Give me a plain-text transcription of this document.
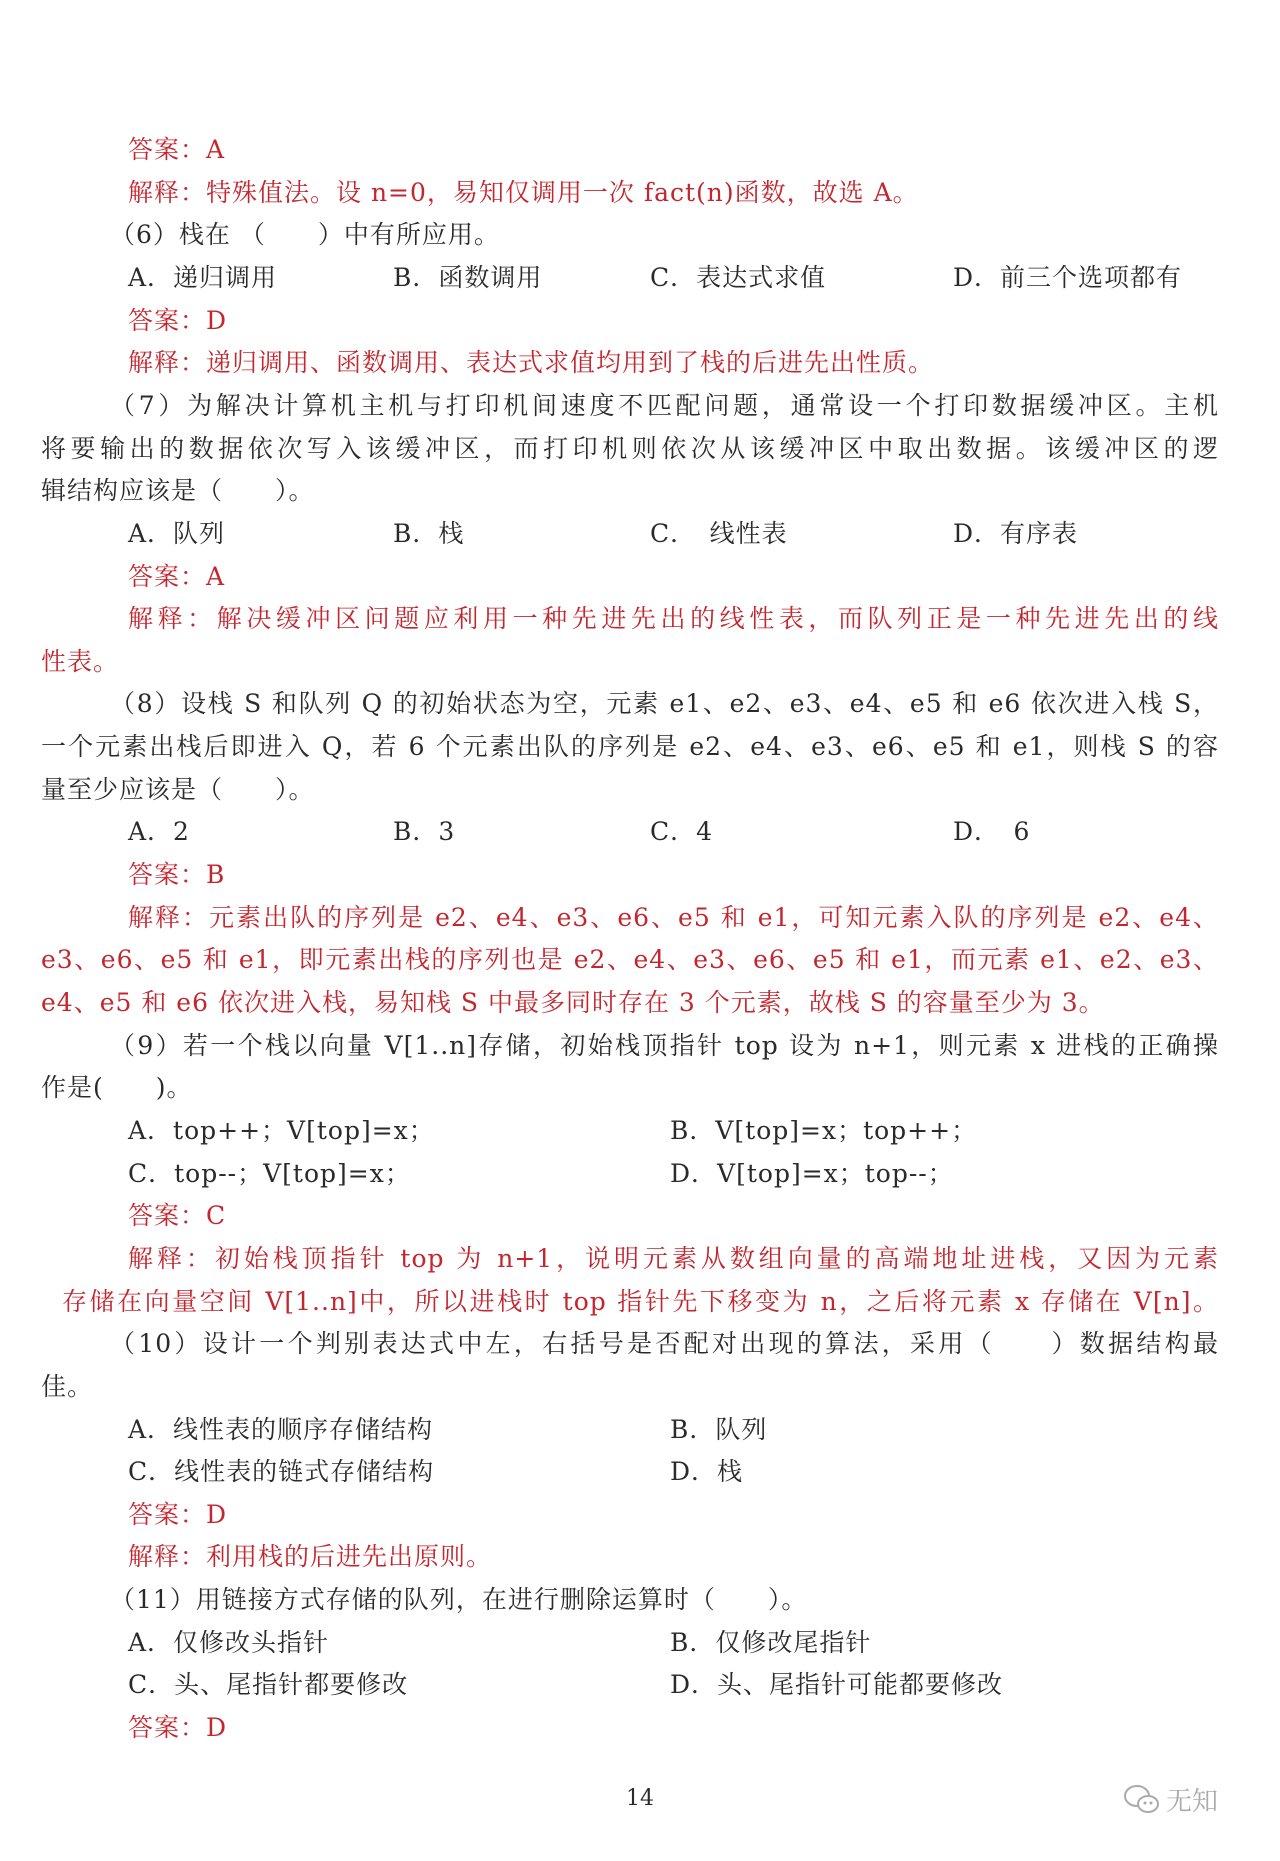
答案：A
解释：特殊值法。设 n=0，易知仅调用一次 fact(n)函数，故选 A。
（6）栈在 （　　）中有所应用。
A．递归调用	B．函数调用	C．表达式求值	D．前三个选项都有
答案：D
解释：递归调用、函数调用、表达式求值均用到了栈的后进先出性质。
（7）为解决计算机主机与打印机间速度不匹配问题，通常设一个打印数据缓冲区。主机
将要输出的数据依次写入该缓冲区，而打印机则依次从该缓冲区中取出数据。该缓冲区的逻
辑结构应该是（　　）。
A．队列	B．栈	C．　线性表	D．有序表
答案：A
解释：解决缓冲区问题应利用一种先进先出的线性表，而队列正是一种先进先出的线
性表。
（8）设栈 S 和队列 Q 的初始状态为空，元素 e1、e2、e3、e4、e5 和 e6 依次进入栈 S，
一个元素出栈后即进入 Q，若 6 个元素出队的序列是 e2、e4、e3、e6、e5 和 e1，则栈 S 的容
量至少应该是（　　）。
A．2	B．3	C．4	D．　6
答案：B
解释：元素出队的序列是 e2、e4、e3、e6、e5 和 e1，可知元素入队的序列是 e2、e4、
e3、e6、e5 和 e1，即元素出栈的序列也是 e2、e4、e3、e6、e5 和 e1，而元素 e1、e2、e3、
e4、e5 和 e6 依次进入栈，易知栈 S 中最多同时存在 3 个元素，故栈 S 的容量至少为 3。
（9）若一个栈以向量 V[1..n]存储，初始栈顶指针 top 设为 n+1，则元素 x 进栈的正确操
作是(　　)。
A．top++；V[top]=x；	B．V[top]=x；top++；
C．top--；V[top]=x；	D．V[top]=x；top--；
答案：C
解释：初始栈顶指针 top 为 n+1，说明元素从数组向量的高端地址进栈，又因为元素
存储在向量空间 V[1..n]中，所以进栈时 top 指针先下移变为 n，之后将元素 x 存储在 V[n]。
（10）设计一个判别表达式中左，右括号是否配对出现的算法，采用（　　）数据结构最
佳。
A．线性表的顺序存储结构	B．队列
C．线性表的链式存储结构	D．栈
答案：D
解释：利用栈的后进先出原则。
（11）用链接方式存储的队列，在进行删除运算时（　　）。
A．仅修改头指针	B．仅修改尾指针
C．头、尾指针都要修改	D．头、尾指针可能都要修改
答案：D
14	无知
